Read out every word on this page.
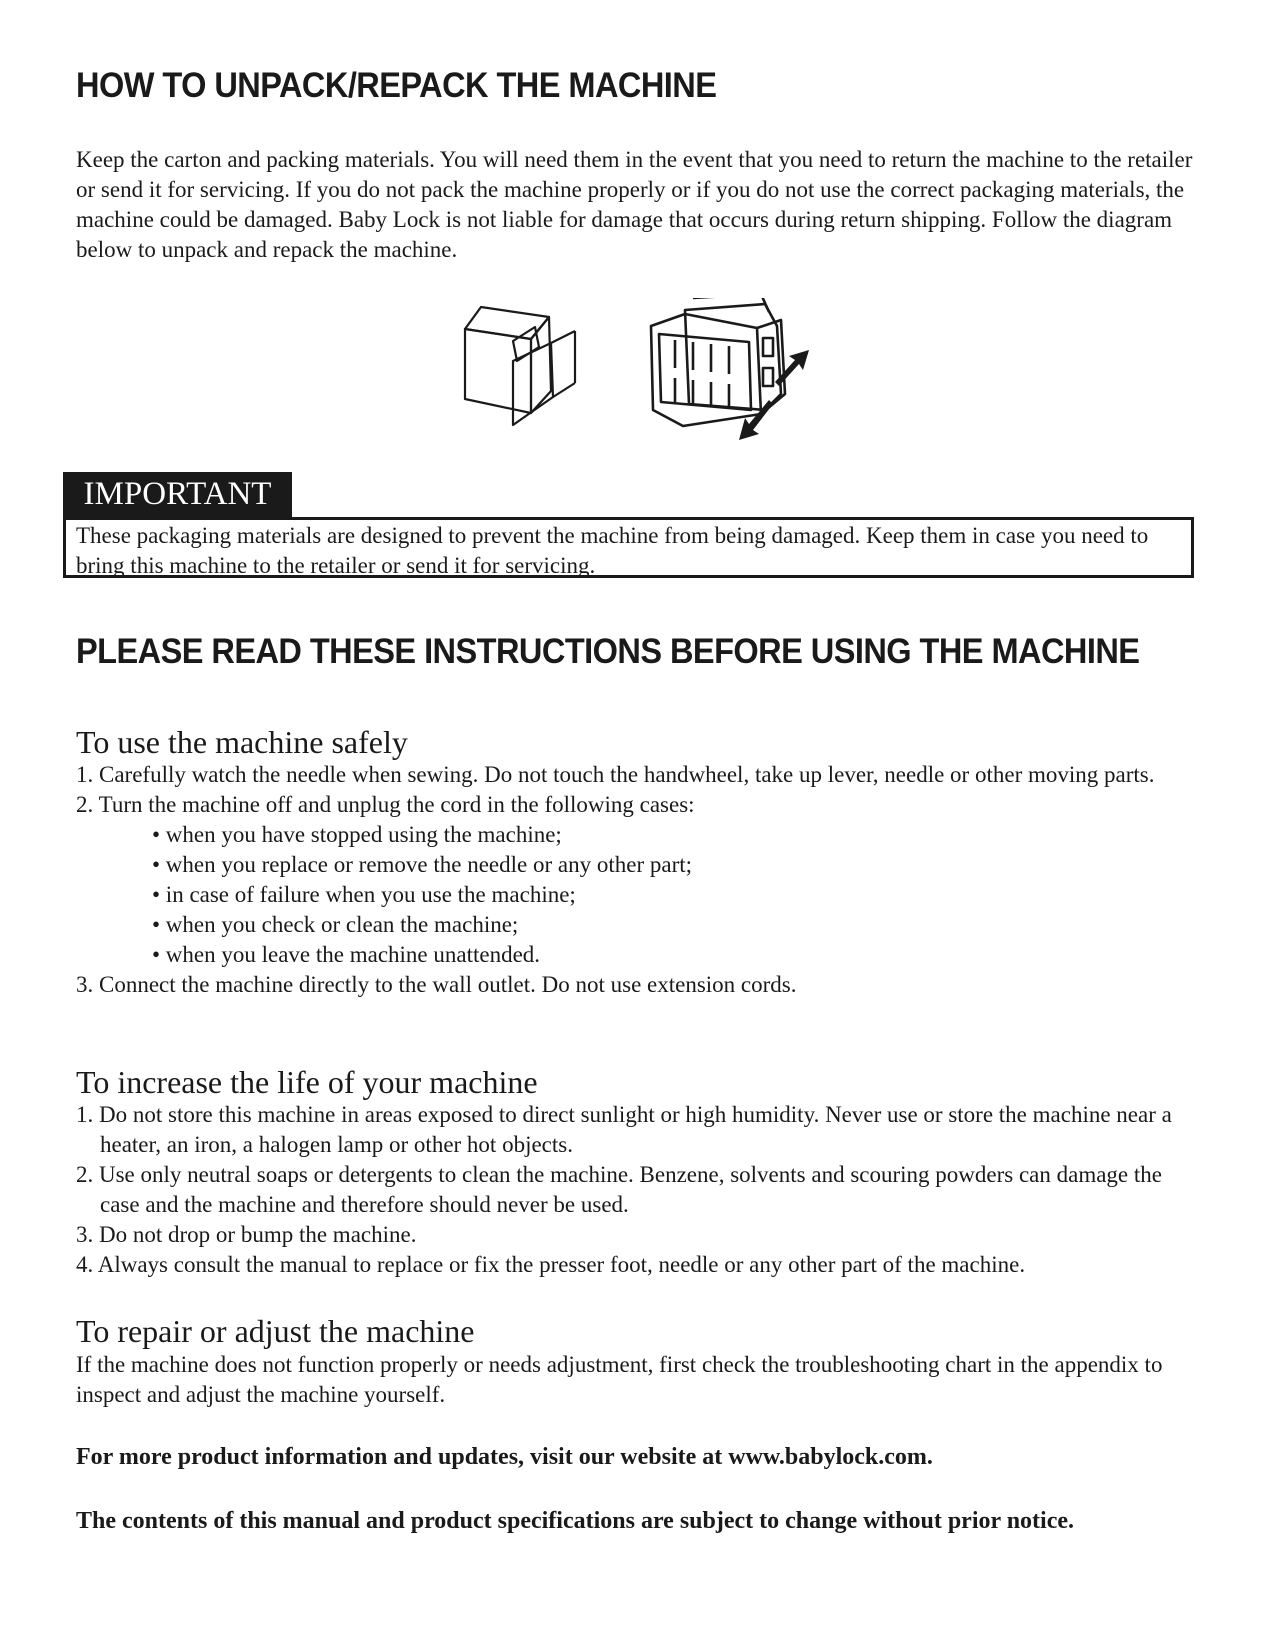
HOW TO UNPACK/REPACK THE MACHINE

Keep the carton and packing materials. You will need them in the event that you need to return the machine to the retailer or send it for servicing. If you do not pack the machine properly or if you do not use the correct packaging materials, the machine could be damaged. Baby Lock is not liable for damage that occurs during return shipping. Follow the diagram below to unpack and repack the machine.

IMPORTANT
These packaging materials are designed to prevent the machine from being damaged. Keep them in case you need to bring this machine to the retailer or send it for servicing.
PLEASE READ THESE INSTRUCTIONS BEFORE USING THE MACHINE
To use the machine safely
1. Carefully watch the needle when sewing. Do not touch the handwheel, take up lever, needle or other moving parts.
2. Turn the machine off and unplug the cord in the following cases:
• when you have stopped using the machine;
• when you replace or remove the needle or any other part;
• in case of failure when you use the machine;
• when you check or clean the machine;
• when you leave the machine unattended.
3. Connect the machine directly to the wall outlet. Do not use extension cords.
To increase the life of your machine
1. Do not store this machine in areas exposed to direct sunlight or high humidity. Never use or store the machine near a heater, an iron, a halogen lamp or other hot objects.
2. Use only neutral soaps or detergents to clean the machine. Benzene, solvents and scouring powders can damage the case and the machine and therefore should never be used.
3. Do not drop or bump the machine.
4. Always consult the manual to replace or fix the presser foot, needle or any other part of the machine.
To repair or adjust the machine

If the machine does not function properly or needs adjustment, first check the troubleshooting chart in the appendix to inspect and adjust the machine yourself.

For more product information and updates, visit our website at www.babylock.com.

The contents of this manual and product specifications are subject to change without prior notice.
